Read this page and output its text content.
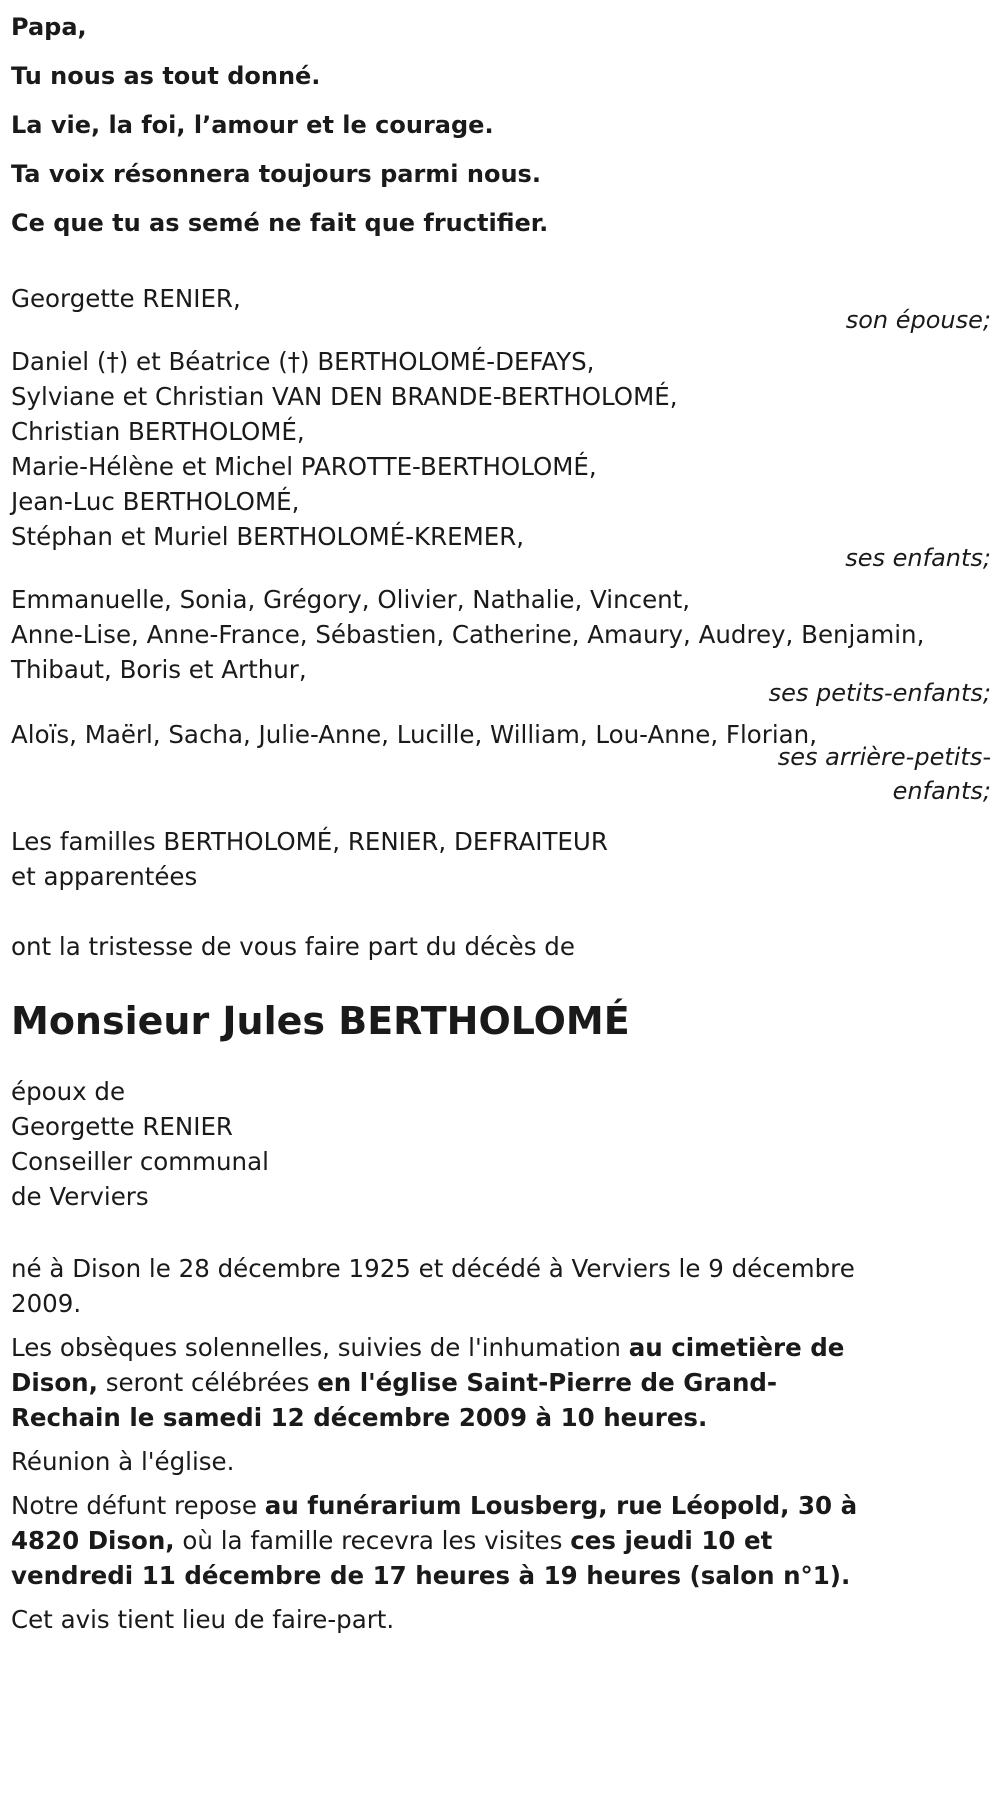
Papa,

Tu nous as tout donné.

La vie, la foi, l’amour et le courage.

Ta voix résonnera toujours parmi nous.

Ce que tu as semé ne fait que fructifier.

Georgette RENIER,
son épouse;
Daniel (†) et Béatrice (†) BERTHOLOMÉ-DEFAYS,
Sylviane et Christian VAN DEN BRANDE-BERTHOLOMÉ,
Christian BERTHOLOMÉ,
Marie-Hélène et Michel PAROTTE-BERTHOLOMÉ,
Jean-Luc BERTHOLOMÉ,
Stéphan et Muriel BERTHOLOMÉ-KREMER,
ses enfants;
Emmanuelle, Sonia, Grégory, Olivier, Nathalie, Vincent,
Anne-Lise, Anne-France, Sébastien, Catherine, Amaury, Audrey, Benjamin,
Thibaut, Boris et Arthur,
ses petits-enfants;
Aloïs, Maërl, Sacha, Julie-Anne, Lucille, William, Lou-Anne, Florian,
ses arrière-petits-
enfants;
Les familles BERTHOLOMÉ, RENIER, DEFRAITEUR
et apparentées
ont la tristesse de vous faire part du décès de
Monsieur Jules BERTHOLOMÉ
époux de
Georgette RENIER
Conseiller communal
de Verviers

né à Dison le 28 décembre 1925 et décédé à Verviers le 9 décembre 2009.

Les obsèques solennelles, suivies de l'inhumation au cimetière de Dison, seront célébrées en l'église Saint-Pierre de Grand-Rechain le samedi 12 décembre 2009 à 10 heures.

Réunion à l'église.

Notre défunt repose au funérarium Lousberg, rue Léopold, 30 à 4820 Dison, où la famille recevra les visites ces jeudi 10 et vendredi 11 décembre de 17 heures à 19 heures (salon n°1).

Cet avis tient lieu de faire-part.
